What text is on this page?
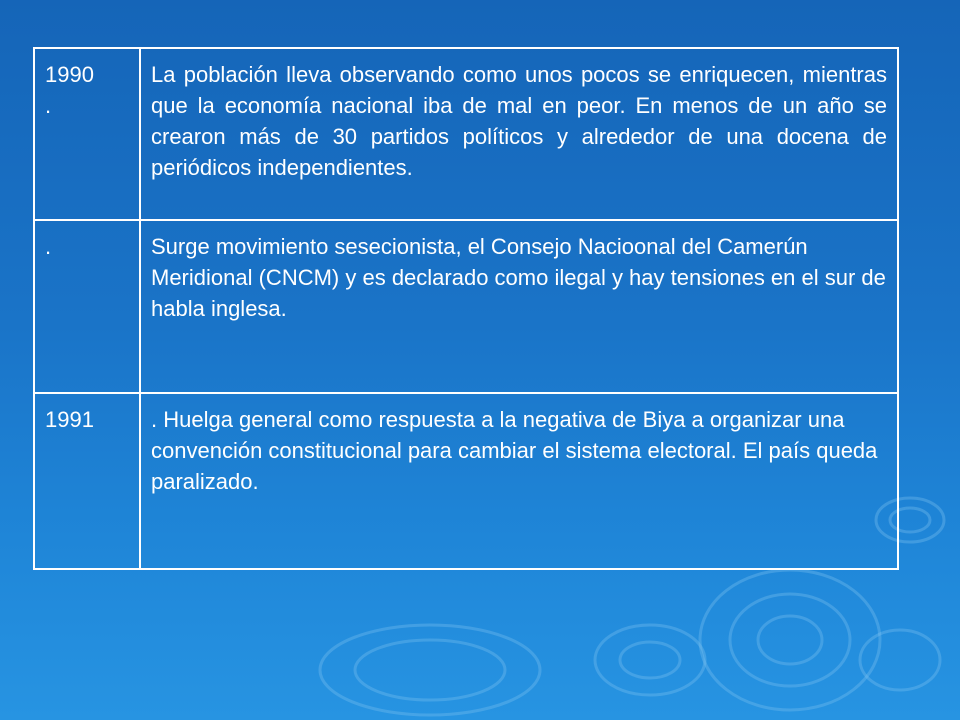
1990
.	La población lleva observando como unos pocos se enriquecen, mientras que la economía nacional iba de mal en peor. En menos de un año se crearon más de 30 partidos políticos y alrededor de una docena de periódicos independientes.
.	Surge movimiento sesecionista, el Consejo Nacioonal del Camerún Meridional (CNCM) y es declarado como ilegal y hay tensiones en el sur de habla inglesa.
1991	. Huelga general como respuesta a la negativa de Biya a organizar una convención constitucional para cambiar el sistema electoral. El país queda paralizado.
